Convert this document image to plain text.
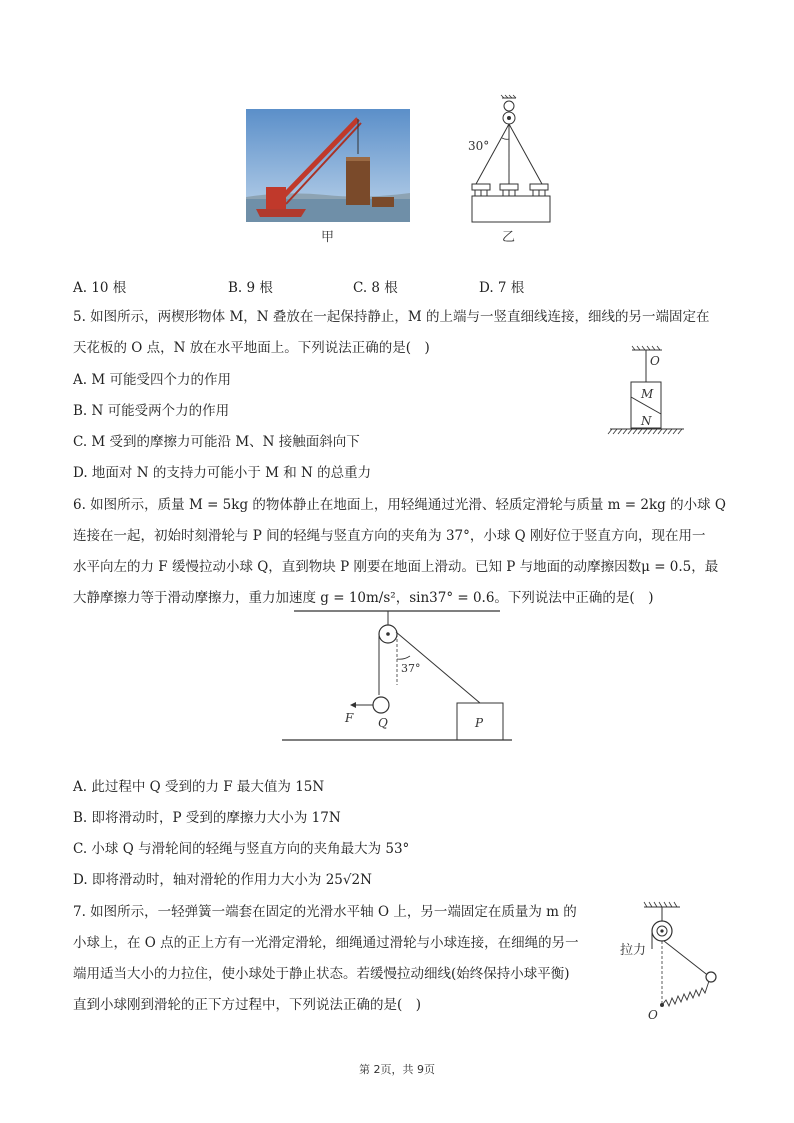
甲
30°
乙
A. 10 根	B. 9 根	C. 8 根	D. 7 根
5. 如图所示，两楔形物体 M，N 叠放在一起保持静止，M 的上端与一竖直细线连接，细线的另一端固定在
天花板的 O 点，N 放在水平地面上。下列说法正确的是(　)
A. M 可能受四个力的作用
B. N 可能受两个力的作用
C. M 受到的摩擦力可能沿 M、N 接触面斜向下
D. 地面对 N 的支持力可能小于 M 和 N 的总重力
O
M
N
6. 如图所示，质量 M = 5kg 的物体静止在地面上，用轻绳通过光滑、轻质定滑轮与质量 m = 2kg 的小球 Q
连接在一起，初始时刻滑轮与 P 间的轻绳与竖直方向的夹角为 37°，小球 Q 刚好位于竖直方向，现在用一
水平向左的力 F 缓慢拉动小球 Q，直到物块 P 刚要在地面上滑动。已知 P 与地面的动摩擦因数μ = 0.5，最
大静摩擦力等于滑动摩擦力，重力加速度 g = 10m/s²，sin37° = 0.6。下列说法中正确的是(　)
37°
F Q	P
A. 此过程中 Q 受到的力 F 最大值为 15N
B. 即将滑动时，P 受到的摩擦力大小为 17N
C. 小球 Q 与滑轮间的轻绳与竖直方向的夹角最大为 53°
D. 即将滑动时，轴对滑轮的作用力大小为 25√2N
7. 如图所示，一轻弹簧一端套在固定的光滑水平轴 O 上，另一端固定在质量为 m 的
小球上，在 O 点的正上方有一光滑定滑轮，细绳通过滑轮与小球连接，在细绳的另一
端用适当大小的力拉住，使小球处于静止状态。若缓慢拉动细线(始终保持小球平衡)
直到小球刚到滑轮的正下方过程中，下列说法正确的是(　)
拉力
O
第 2页，共 9页
